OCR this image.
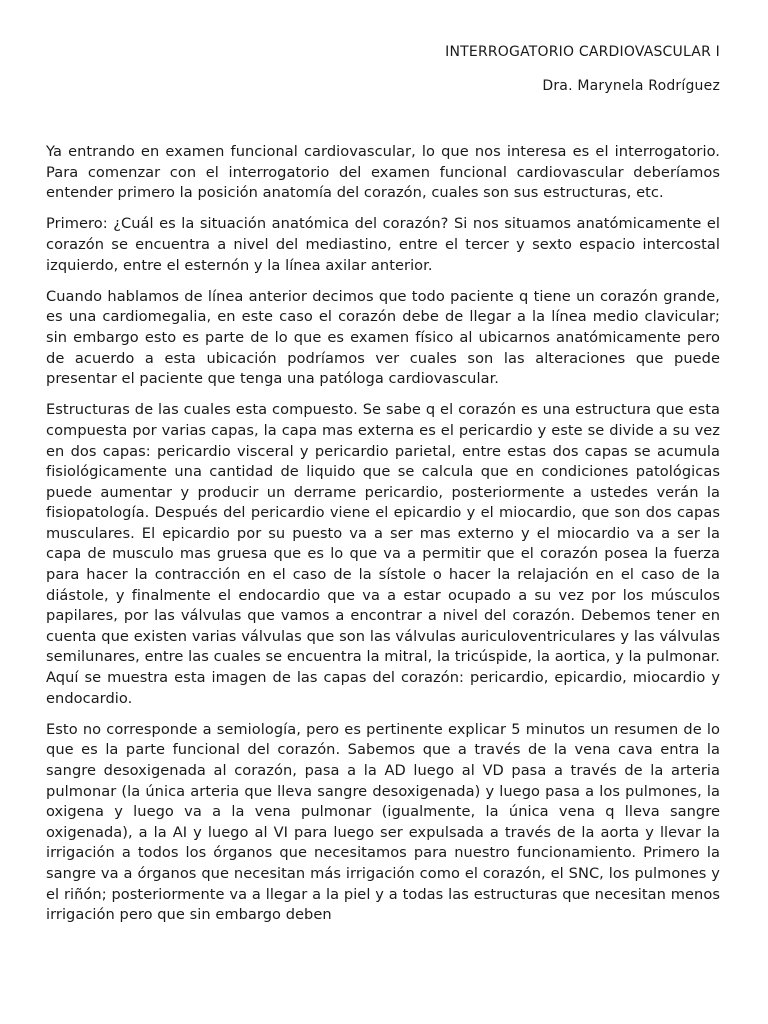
INTERROGATORIO CARDIOVASCULAR I
Dra. Marynela Rodríguez

Ya entrando en examen funcional cardiovascular, lo que nos interesa es el interrogatorio. Para comenzar con el interrogatorio del examen funcional cardiovascular deberíamos entender primero la posición anatomía del corazón, cuales son sus estructuras, etc.

Primero: ¿Cuál es la situación anatómica del corazón? Si nos situamos anatómicamente el corazón se encuentra a nivel del mediastino, entre el tercer y sexto espacio intercostal izquierdo, entre el esternón y la línea axilar anterior.

Cuando hablamos de línea anterior decimos que todo paciente q tiene un corazón grande, es una cardiomegalia, en este caso el corazón debe de llegar a la línea medio clavicular; sin embargo esto es parte de lo que es examen físico al ubicarnos anatómicamente pero de acuerdo a esta ubicación podríamos ver cuales son las alteraciones que puede presentar el paciente que tenga una patóloga cardiovascular.

Estructuras de las cuales esta compuesto. Se sabe q el corazón es una estructura que esta compuesta por varias capas, la capa mas externa es el pericardio y este se divide a su vez en dos capas: pericardio visceral y pericardio parietal, entre estas dos capas se acumula fisiológicamente una cantidad de liquido que se calcula que en condiciones patológicas puede aumentar y producir un derrame pericardio, posteriormente a ustedes verán la fisiopatología. Después del pericardio viene el epicardio y el miocardio, que son dos capas musculares. El epicardio por su puesto va a ser mas externo y el miocardio va a ser la capa de musculo mas gruesa que es lo que va a permitir que el corazón posea la fuerza para hacer la contracción en el caso de la sístole o hacer la relajación en el caso de la diástole, y finalmente el endocardio que va a estar ocupado a su vez por los músculos papilares, por las válvulas que vamos a encontrar a nivel del corazón. Debemos tener en cuenta que existen varias válvulas que son las válvulas auriculoventriculares y las válvulas semilunares, entre las cuales se encuentra la mitral, la tricúspide, la aortica, y la pulmonar. Aquí se muestra esta imagen de las capas del corazón: pericardio, epicardio, miocardio y endocardio.

Esto no corresponde a semiología, pero es pertinente explicar 5 minutos un resumen de lo que es la parte funcional del corazón. Sabemos que a través de la vena cava entra la sangre desoxigenada al corazón, pasa a la AD luego al VD pasa a través de la arteria pulmonar (la única arteria que lleva sangre desoxigenada) y luego pasa a los pulmones, la oxigena y luego va a la vena pulmonar (igualmente, la única vena q lleva sangre oxigenada), a la AI y luego al VI para luego ser expulsada a través de la aorta y llevar la irrigación a todos los órganos que necesitamos para nuestro funcionamiento. Primero la sangre va a órganos que necesitan más irrigación como el corazón, el SNC, los pulmones y el riñón; posteriormente va a llegar a la piel y a todas las estructuras que necesitan menos irrigación pero que sin embargo deben
